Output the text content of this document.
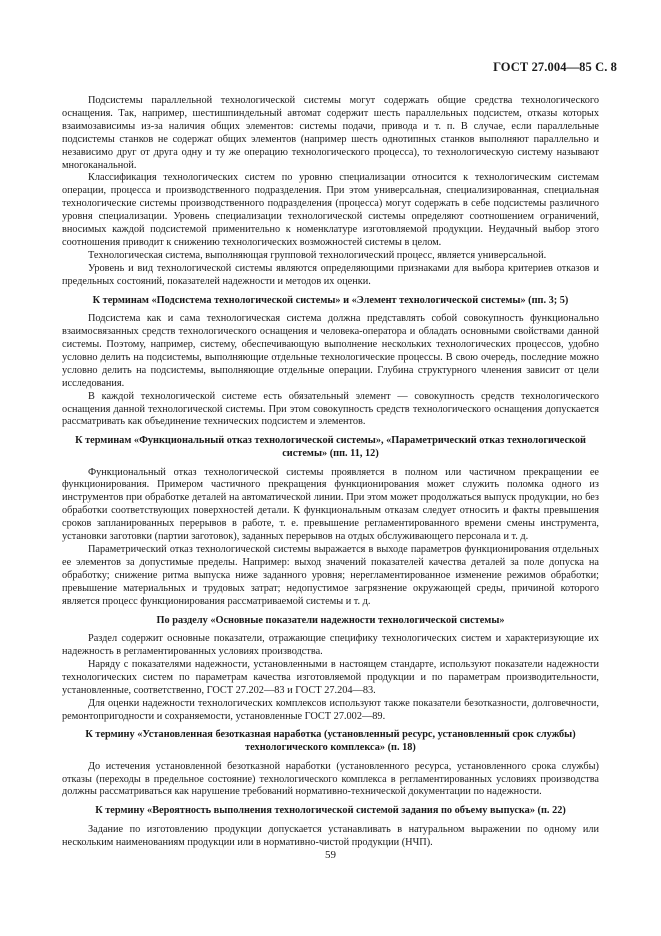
ГОСТ 27.004—85 С. 8

Подсистемы параллельной технологической системы могут содержать общие средства технологического оснащения. Так, например, шестишпиндельный автомат содержит шесть параллельных подсистем, отказы которых взаимозависимы из-за наличия общих элементов: системы подачи, привода и т. п. В случае, если параллельные подсистемы станков не содержат общих элементов (например шесть однотипных станков выполняют параллельно и независимо друг от друга одну и ту же операцию технологического процесса), то технологическую систему называют многоканальной.

Классификация технологических систем по уровню специализации относится к технологическим системам операции, процесса и производственного подразделения. При этом универсальная, специализированная, специальная технологические системы производственного подразделения (процесса) могут содержать в себе подсистемы различного уровня специализации. Уровень специализации технологической системы определяют соотношением ограничений, вносимых каждой подсистемой применительно к номенклатуре изготовляемой продукции. Неудачный выбор этого соотношения приводит к снижению технологических возможностей системы в целом.

Технологическая система, выполняющая групповой технологический процесс, является универсальной.

Уровень и вид технологической системы являются определяющими признаками для выбора критериев отказов и предельных состояний, показателей надежности и методов их оценки.

К терминам «Подсистема технологической системы» и «Элемент технологической системы» (пп. 3; 5)

Подсистема как и сама технологическая система должна представлять собой совокупность функционально взаимосвязанных средств технологического оснащения и человека-оператора и обладать основными свойствами данной системы. Поэтому, например, систему, обеспечивающую выполнение нескольких технологических процессов, удобно условно делить на подсистемы, выполняющие отдельные технологические процессы. В свою очередь, последние можно условно делить на подсистемы, выполняющие отдельные операции. Глубина структурного членения зависит от цели исследования.

В каждой технологической системе есть обязательный элемент — совокупность средств технологического оснащения данной технологической системы. При этом совокупность средств технологического оснащения допускается рассматривать как объединение технических подсистем и элементов.

К терминам «Функциональный отказ технологической системы», «Параметрический отказ технологической системы» (пп. 11, 12)

Функциональный отказ технологической системы проявляется в полном или частичном прекращении ее функционирования. Примером частичного прекращения функционирования может служить поломка одного из инструментов при обработке деталей на автоматической линии. При этом может продолжаться выпуск продукции, но без обработки соответствующих поверхностей детали. К функциональным отказам следует относить и факты превышения сроков запланированных перерывов в работе, т. е. превышение регламентированного времени смены инструмента, установки заготовки (партии заготовок), заданных перерывов на отдых обслуживающего персонала и т. д.

Параметрический отказ технологической системы выражается в выходе параметров функционирования отдельных ее элементов за допустимые пределы. Например: выход значений показателей качества деталей за поле допуска на обработку; снижение ритма выпуска ниже заданного уровня; нерегламентированное изменение режимов обработки; превышение материальных и трудовых затрат; недопустимое загрязнение окружающей среды, причиной которого является процесс функционирования рассматриваемой системы и т. д.

По разделу «Основные показатели надежности технологической системы»

Раздел содержит основные показатели, отражающие специфику технологических систем и характеризующие их надежность в регламентированных условиях производства.

Наряду с показателями надежности, установленными в настоящем стандарте, используют показатели надежности технологических систем по параметрам качества изготовляемой продукции и по параметрам производительности, установленные, соответственно, ГОСТ 27.202—83 и ГОСТ 27.204—83.

Для оценки надежности технологических комплексов используют также показатели безотказности, долговечности, ремонтопригодности и сохраняемости, установленные ГОСТ 27.002—89.

К термину «Установленная безотказная наработка (установленный ресурс, установленный срок службы) технологического комплекса» (п. 18)

До истечения установленной безотказной наработки (установленного ресурса, установленного срока службы) отказы (переходы в предельное состояние) технологического комплекса в регламентированных условиях производства должны рассматриваться как нарушение требований нормативно-технической документации по надежности.

К термину «Вероятность выполнения технологической системой задания по объему выпуска» (п. 22)

Задание по изготовлению продукции допускается устанавливать в натуральном выражении по одному или нескольким наименованиям продукции или в нормативно-чистой продукции (НЧП).

59
